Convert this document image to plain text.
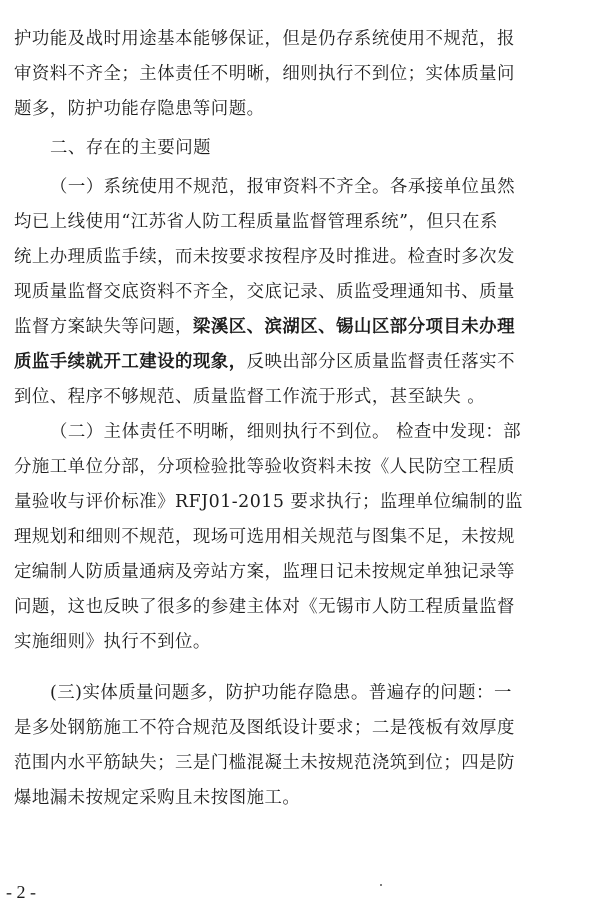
护功能及战时用途基本能够保证，但是仍存系统使用不规范，报
审资料不齐全；主体责任不明晰，细则执行不到位；实体质量问
题多，防护功能存隐患等问题。

二、存在的主要问题

（一）系统使用不规范，报审资料不齐全。各承接单位虽然
均已上线使用“江苏省人防工程质量监督管理系统”，但只在系
统上办理质监手续，而未按要求按程序及时推进。检查时多次发
现质量监督交底资料不齐全，交底记录、质监受理通知书、质量
监督方案缺失等问题，梁溪区、滨湖区、锡山区部分项目未办理
质监手续就开工建设的现象，反映出部分区质量监督责任落实不
到位、程序不够规范、质量监督工作流于形式，甚至缺失 。

（二）主体责任不明晰，细则执行不到位。 检查中发现：部
分施工单位分部，分项检验批等验收资料未按《人民防空工程质
量验收与评价标准》RFJ01-2015 要求执行；监理单位编制的监
理规划和细则不规范，现场可选用相关规范与图集不足，未按规
定编制人防质量通病及旁站方案，监理日记未按规定单独记录等
问题，这也反映了很多的参建主体对《无锡市人防工程质量监督
实施细则》执行不到位。

(三)实体质量问题多，防护功能存隐患。普遍存的问题：一
是多处钢筋施工不符合规范及图纸设计要求；二是筏板有效厚度
范围内水平筋缺失；三是门槛混凝土未按规范浇筑到位；四是防
爆地漏未按规定采购且未按图施工。

- 2 -
